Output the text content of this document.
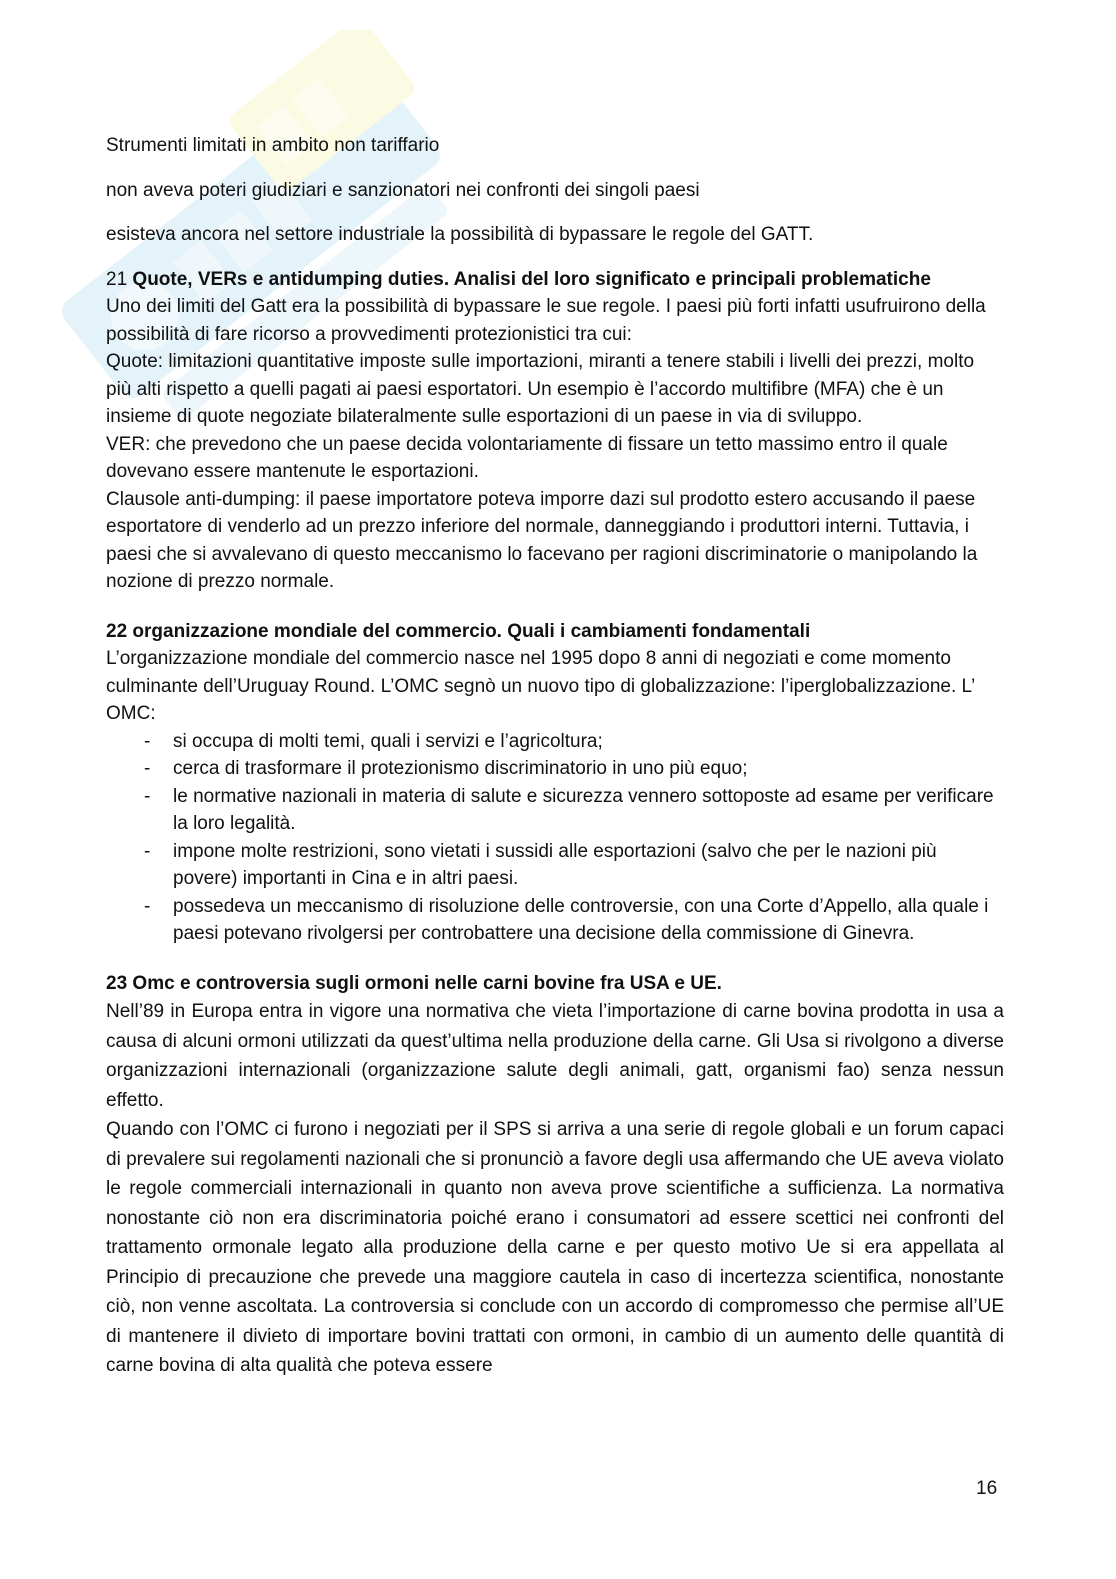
Strumenti limitati in ambito non tariffario

non aveva poteri giudiziari e sanzionatori nei confronti dei singoli paesi

esisteva ancora nel settore industriale la possibilità di bypassare le regole del GATT.

21 Quote, VERs e antidumping duties. Analisi del loro significato e principali problematiche

Uno dei limiti del Gatt era la possibilità di bypassare le sue regole. I paesi più forti infatti usufruirono della possibilità di fare ricorso a provvedimenti protezionistici tra cui:

Quote: limitazioni quantitative imposte sulle importazioni, miranti a tenere stabili i livelli dei prezzi, molto più alti rispetto a quelli pagati ai paesi esportatori. Un esempio è l’accordo multifibre (MFA) che è un insieme di quote negoziate bilateralmente sulle esportazioni di un paese in via di sviluppo.

VER: che prevedono che un paese decida volontariamente di fissare un tetto massimo entro il quale dovevano essere mantenute le esportazioni.

Clausole anti-dumping: il paese importatore poteva imporre dazi sul prodotto estero accusando il paese esportatore di venderlo ad un prezzo inferiore del normale, danneggiando i produttori interni. Tuttavia, i paesi che si avvalevano di questo meccanismo lo facevano per ragioni discriminatorie o manipolando la nozione di prezzo normale.

22 organizzazione mondiale del commercio. Quali i cambiamenti fondamentali

L’organizzazione mondiale del commercio nasce nel 1995 dopo 8 anni di negoziati e come momento culminante dell’Uruguay Round. L’OMC segnò un nuovo tipo di globalizzazione: l’iperglobalizzazione. L’ OMC:

- si occupa di molti temi, quali i servizi e l’agricoltura;
- cerca di trasformare il protezionismo discriminatorio in uno più equo;
- le normative nazionali in materia di salute e sicurezza vennero sottoposte ad esame per verificare la loro legalità.
- impone molte restrizioni, sono vietati i sussidi alle esportazioni (salvo che per le nazioni più povere) importanti in Cina e in altri paesi.
- possedeva un meccanismo di risoluzione delle controversie, con una Corte d’Appello, alla quale i paesi potevano rivolgersi per controbattere una decisione della commissione di Ginevra.
23 Omc e controversia sugli ormoni nelle carni bovine fra USA e UE.

Nell’89 in Europa entra in vigore una normativa che vieta l’importazione di carne bovina prodotta in usa a causa di alcuni ormoni utilizzati da quest’ultima nella produzione della carne. Gli Usa si rivolgono a diverse organizzazioni internazionali (organizzazione salute degli animali, gatt, organismi fao) senza nessun effetto.

Quando con l’OMC ci furono i negoziati per il SPS si arriva a una serie di regole globali e un forum capaci di prevalere sui regolamenti nazionali che si pronunciò a favore degli usa affermando che UE aveva violato le regole commerciali internazionali in quanto non aveva prove scientifiche a sufficienza. La normativa nonostante ciò non era discriminatoria poiché erano i consumatori ad essere scettici nei confronti del trattamento ormonale legato alla produzione della carne e per questo motivo Ue si era appellata al Principio di precauzione che prevede una maggiore cautela in caso di incertezza scientifica, nonostante ciò, non venne ascoltata. La controversia si conclude con un accordo di compromesso che permise all’UE di mantenere il divieto di importare bovini trattati con ormoni, in cambio di un aumento delle quantità di carne bovina di alta qualità che poteva essere

16
